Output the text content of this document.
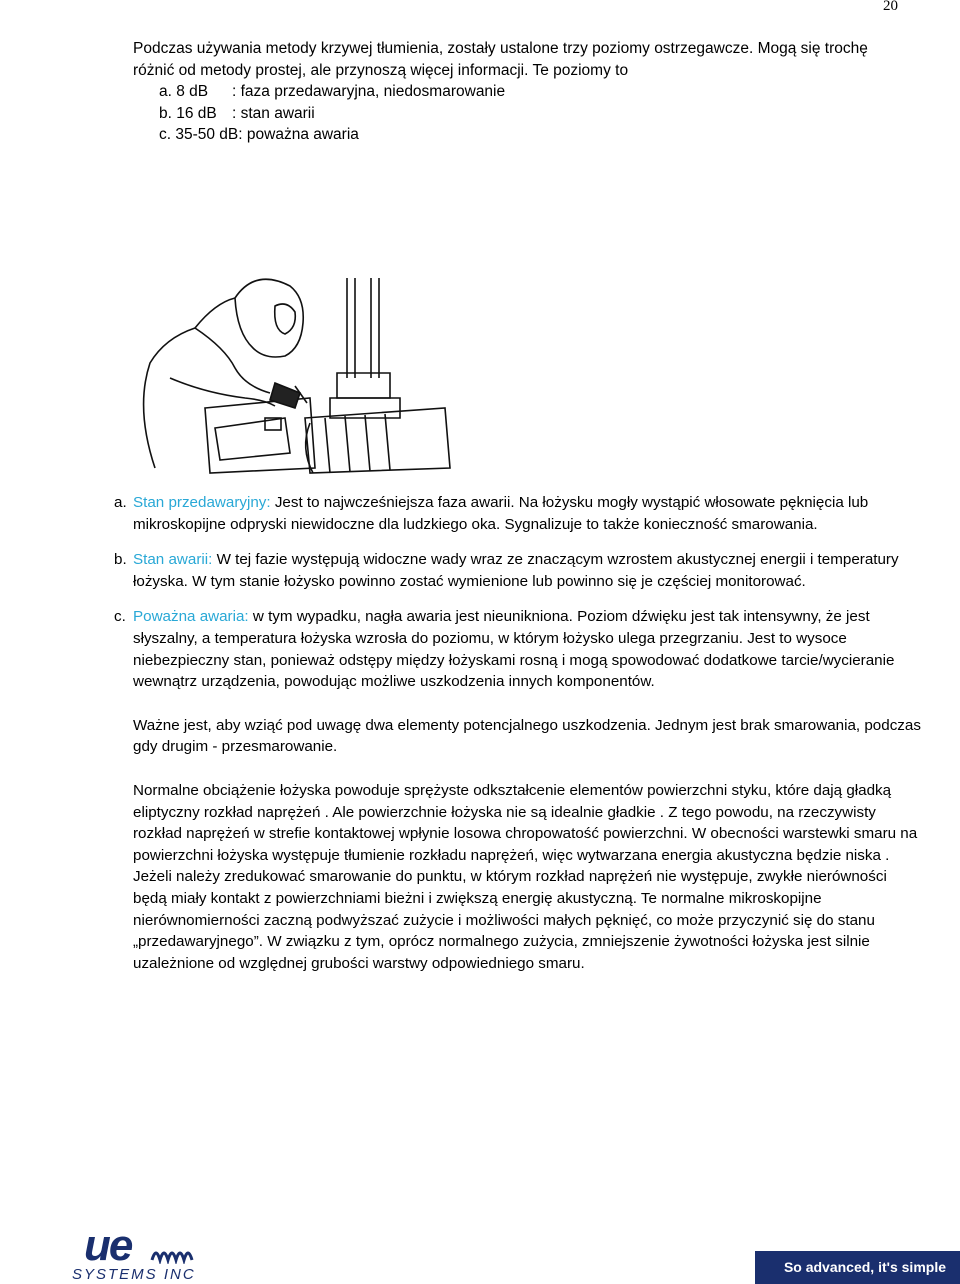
20

Podczas używania metody krzywej tłumienia, zostały ustalone trzy poziomy ostrzegawcze. Mogą się trochę różnić od metody prostej, ale przynoszą więcej informacji. Te poziomy to

a. 8 dB : faza przedawaryjna, niedosmarowanie

b. 16 dB : stan awarii

c. 35-50 dB: poważna awaria

a. Stan przedawaryjny: Jest to najwcześniejsza faza awarii. Na łożysku mogły wystąpić włosowate pęknięcia lub mikroskopijne odpryski niewidoczne dla ludzkiego oka. Sygnalizuje to także konieczność smarowania.
b. Stan awarii: W tej fazie występują widoczne wady wraz ze znaczącym wzrostem akustycznej energii i temperatury łożyska. W tym stanie łożysko powinno zostać wymienione lub powinno się je częściej monitorować.
c. Poważna awaria: w tym wypadku, nagła awaria jest nieunikniona. Poziom dźwięku jest tak intensywny, że jest słyszalny, a temperatura łożyska wzrosła do poziomu, w którym łożysko ulega przegrzaniu. Jest to wysoce niebezpieczny stan, ponieważ odstępy między łożyskami rosną i mogą spowodować dodatkowe tarcie/wycieranie wewnątrz urządzenia, powodując możliwe uszkodzenia innych komponentów.

Ważne jest, aby wziąć pod uwagę dwa elementy potencjalnego uszkodzenia. Jednym jest brak smarowania, podczas gdy drugim - przesmarowanie.

Normalne obciążenie łożyska powoduje sprężyste odkształcenie elementów powierzchni styku, które dają gładką eliptyczny rozkład naprężeń . Ale powierzchnie łożyska nie są idealnie gładkie . Z tego powodu, na rzeczywisty rozkład naprężeń w strefie kontaktowej wpłynie losowa chropowatość powierzchni. W obecności warstewki smaru na powierzchni łożyska występuje tłumienie rozkładu naprężeń, więc wytwarzana energia akustyczna będzie niska . Jeżeli należy zredukować smarowanie do punktu, w którym rozkład naprężeń nie występuje, zwykłe nierówności będą miały kontakt z powierzchniami bieżni i zwiększą energię akustyczną. Te normalne mikroskopijne nierównomierności zaczną podwyższać zużycie i możliwości małych pęknięć, co może przyczynić się do stanu „przedawaryjnego”. W związku z tym, oprócz normalnego zużycia, zmniejszenie żywotności łożyska jest silnie uzależnione od względnej grubości warstwy odpowiedniego smaru.

ue
SYSTEMS INC	So advanced, it's simple
